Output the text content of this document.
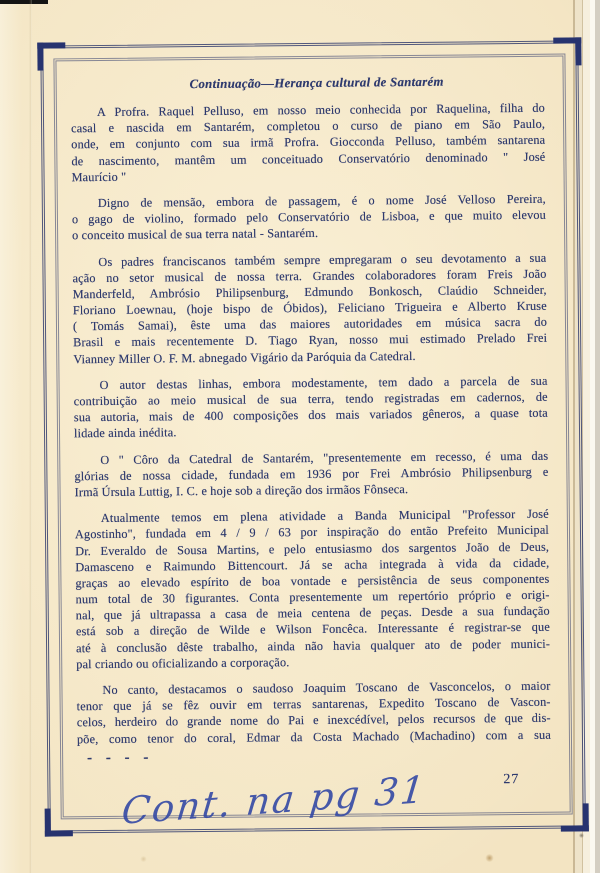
Continuação—Herança cultural de Santarém
A Profra. Raquel Pelluso, em nosso meio conhecida por Raquelina, filha do
casal e nascida em Santarém, completou o curso de piano em São Paulo,
onde, em conjunto com sua irmã Profra. Giocconda Pelluso, também santarena
de nascimento, mantêm um conceituado Conservatório denominado " José
Maurício "
Digno de mensão, embora de passagem, é o nome José Velloso Pereira,
o gago de violino, formado pelo Conservatório de Lisboa, e que muito elevou
o conceito musical de sua terra natal - Santarém.
Os padres franciscanos também sempre empregaram o seu devotamento a sua
ação no setor musical de nossa terra. Grandes colaboradores foram Freis João
Manderfeld, Ambrósio Philipsenburg, Edmundo Bonkosch, Claúdio Schneider,
Floriano Loewnau, (hoje bispo de Óbidos), Feliciano Trigueira e Alberto Kruse
( Tomás Samai), êste uma das maiores autoridades em música sacra do
Brasil e mais recentemente D. Tiago Ryan, nosso mui estimado Prelado Frei
Vianney Miller O. F. M. abnegado Vigário da Paróquia da Catedral.
O autor destas linhas, embora modestamente, tem dado a parcela de sua
contribuição ao meio musical de sua terra, tendo registradas em cadernos, de
sua autoria, mais de 400 composições dos mais variados gêneros, a quase tota
lidade ainda inédita.
O " Côro da Catedral de Santarém, "presentemente em recesso, é uma das
glórias de nossa cidade, fundada em 1936 por Frei Ambrósio Philipsenburg e
Irmã Úrsula Luttig, I. C. e hoje sob a direção dos irmãos Fônseca.
Atualmente temos em plena atividade a Banda Municipal "Professor José
Agostinho", fundada em 4 / 9 / 63 por inspiração do então Prefeito Municipal
Dr. Everaldo de Sousa Martins, e pelo entusiasmo dos sargentos João de Deus,
Damasceno e Raimundo Bittencourt. Já se acha integrada à vida da cidade,
graças ao elevado espírito de boa vontade e persistência de seus componentes
num total de 30 figurantes. Conta presentemente um repertório próprio e origi-
nal, que já ultrapassa a casa de meia centena de peças. Desde a sua fundação
está sob a direção de Wilde e Wilson Foncêca. Interessante é registrar-se que
até à conclusão dêste trabalho, ainda não havia qualquer ato de poder munici-
pal criando ou oficializando a corporação.
No canto, destacamos o saudoso Joaquim Toscano de Vasconcelos, o maior
tenor que já se fêz ouvir em terras santarenas, Expedito Toscano de Vascon-
celos, herdeiro do grande nome do Pai e inexcédível, pelos recursos de que dis-
põe, como tenor do coral, Edmar da Costa Machado (Machadino) com a sua
- - - -
27
Cont. na pg 31
